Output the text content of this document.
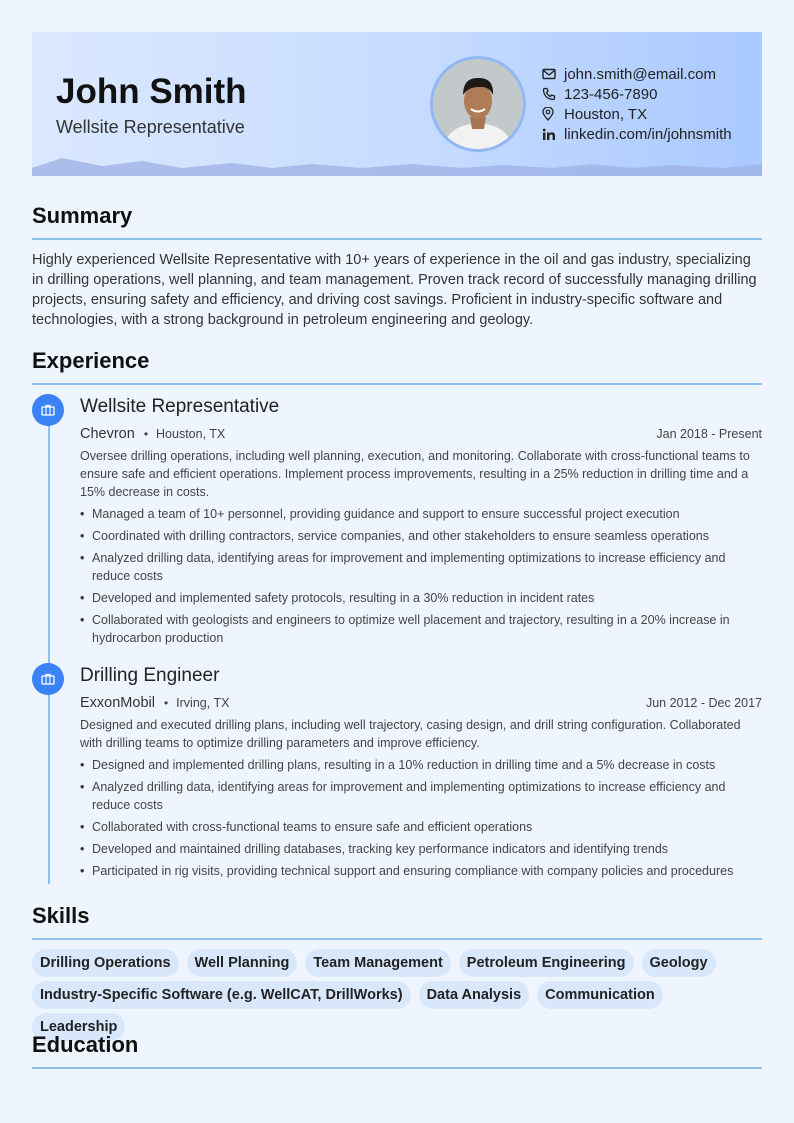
John Smith
Wellsite Representative
john.smith@email.com
123-456-7890
Houston, TX
linkedin.com/in/johnsmith
Summary
Highly experienced Wellsite Representative with 10+ years of experience in the oil and gas industry, specializing in drilling operations, well planning, and team management. Proven track record of successfully managing drilling projects, ensuring safety and efficiency, and driving cost savings. Proficient in industry-specific software and technologies, with a strong background in petroleum engineering and geology.
Experience
Wellsite Representative
Chevron • Houston, TX	Jan 2018 - Present
Oversee drilling operations, including well planning, execution, and monitoring. Collaborate with cross-functional teams to ensure safe and efficient operations. Implement process improvements, resulting in a 25% reduction in drilling time and a 15% decrease in costs.
• Managed a team of 10+ personnel, providing guidance and support to ensure successful project execution
• Coordinated with drilling contractors, service companies, and other stakeholders to ensure seamless operations
• Analyzed drilling data, identifying areas for improvement and implementing optimizations to increase efficiency and reduce costs
• Developed and implemented safety protocols, resulting in a 30% reduction in incident rates
• Collaborated with geologists and engineers to optimize well placement and trajectory, resulting in a 20% increase in hydrocarbon production
Drilling Engineer
ExxonMobil • Irving, TX	Jun 2012 - Dec 2017
Designed and executed drilling plans, including well trajectory, casing design, and drill string configuration. Collaborated with drilling teams to optimize drilling parameters and improve efficiency.
• Designed and implemented drilling plans, resulting in a 10% reduction in drilling time and a 5% decrease in costs
• Analyzed drilling data, identifying areas for improvement and implementing optimizations to increase efficiency and reduce costs
• Collaborated with cross-functional teams to ensure safe and efficient operations
• Developed and maintained drilling databases, tracking key performance indicators and identifying trends
• Participated in rig visits, providing technical support and ensuring compliance with company policies and procedures
Skills
Drilling Operations	Well Planning	Team Management	Petroleum Engineering	Geology
Industry-Specific Software (e.g. WellCAT, DrillWorks)	Data Analysis	Communication
Leadership
Education
